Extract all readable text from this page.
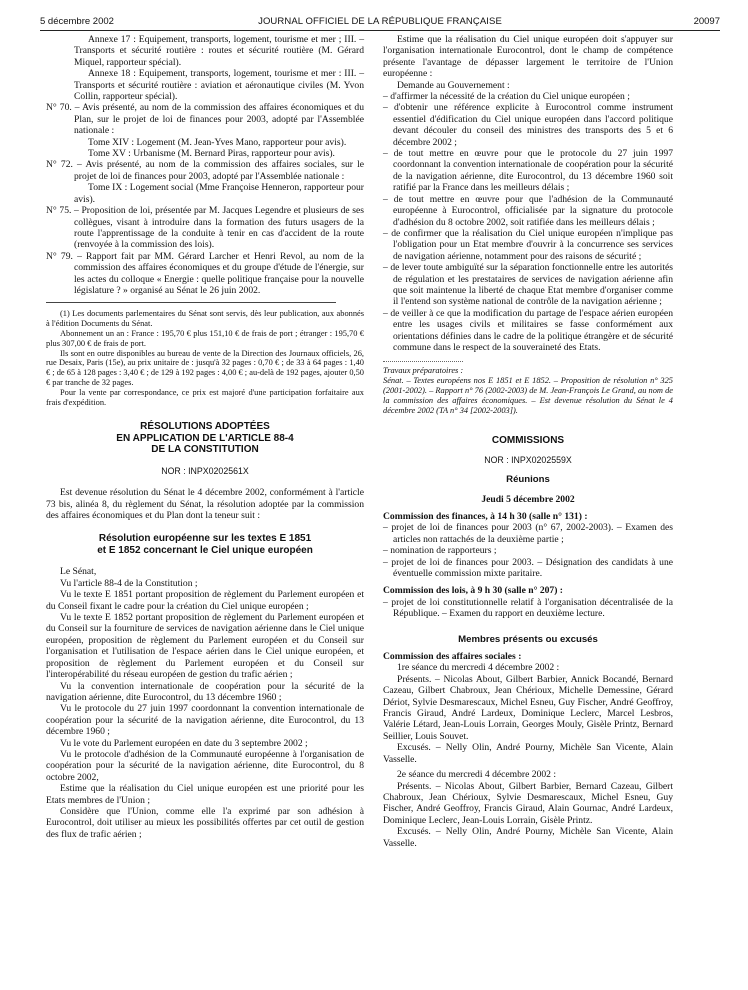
5 décembre 2002	JOURNAL OFFICIEL DE LA RÉPUBLIQUE FRANÇAISE	20097

Annexe 17 : Equipement, transports, logement, tourisme et mer ; III. – Transports et sécurité routière : routes et sécurité routière (M. Gérard Miquel, rapporteur spécial).

Annexe 18 : Equipement, transports, logement, tourisme et mer : III. – Transports et sécurité routière : aviation et aéronautique civiles (M. Yvon Collin, rapporteur spécial).

N° 70. – Avis présenté, au nom de la commission des affaires économiques et du Plan, sur le projet de loi de finances pour 2003, adopté par l'Assemblée nationale :

Tome XIV : Logement (M. Jean-Yves Mano, rapporteur pour avis).

Tome XV : Urbanisme (M. Bernard Piras, rapporteur pour avis).

N° 72. – Avis présenté, au nom de la commission des affaires sociales, sur le projet de loi de finances pour 2003, adopté par l'Assemblée nationale :

Tome IX : Logement social (Mme Françoise Henneron, rapporteur pour avis).

N° 75. – Proposition de loi, présentée par M. Jacques Legendre et plusieurs de ses collègues, visant à introduire dans la formation des futurs usagers de la route l'apprentissage de la conduite à tenir en cas d'accident de la route (renvoyée à la commission des lois).

N° 79. – Rapport fait par MM. Gérard Larcher et Henri Revol, au nom de la commission des affaires économiques et du groupe d'étude de l'énergie, sur les actes du colloque « Energie : quelle politique française pour la nouvelle législature ? » organisé au Sénat le 26 juin 2002.

(1) Les documents parlementaires du Sénat sont servis, dès leur publication, aux abonnés à l'édition Documents du Sénat.

Abonnement un an : France : 195,70 € plus 151,10 € de frais de port ; étranger : 195,70 € plus 307,00 € de frais de port.

Ils sont en outre disponibles au bureau de vente de la Direction des Journaux officiels, 26, rue Desaix, Paris (15e), au prix unitaire de : jusqu'à 32 pages : 0,70 € ; de 33 à 64 pages : 1,40 € ; de 65 à 128 pages : 3,40 € ; de 129 à 192 pages : 4,00 € ; au-delà de 192 pages, ajouter 0,50 € par tranche de 32 pages.

Pour la vente par correspondance, ce prix est majoré d'une participation forfaitaire aux frais d'expédition.

RÉSOLUTIONS ADOPTÉES
EN APPLICATION DE L'ARTICLE 88-4
DE LA CONSTITUTION
NOR : INPX0202561X

Est devenue résolution du Sénat le 4 décembre 2002, conformément à l'article 73 bis, alinéa 8, du règlement du Sénat, la résolution adoptée par la commission des affaires économiques et du Plan dont la teneur suit :

Résolution européenne sur les textes E 1851
et E 1852 concernant le Ciel unique européen

Le Sénat,

Vu l'article 88-4 de la Constitution ;

Vu le texte E 1851 portant proposition de règlement du Parlement européen et du Conseil fixant le cadre pour la création du Ciel unique européen ;

Vu le texte E 1852 portant proposition de règlement du Parlement européen et du Conseil sur la fourniture de services de navigation aérienne dans le Ciel unique européen, proposition de règlement du Parlement européen et du Conseil sur l'organisation et l'utilisation de l'espace aérien dans le Ciel unique européen, et proposition de règlement du Parlement européen et du Conseil sur l'interopérabilité du réseau européen de gestion du trafic aérien ;

Vu la convention internationale de coopération pour la sécurité de la navigation aérienne, dite Eurocontrol, du 13 décembre 1960 ;

Vu le protocole du 27 juin 1997 coordonnant la convention internationale de coopération pour la sécurité de la navigation aérienne, dite Eurocontrol, du 13 décembre 1960 ;

Vu le vote du Parlement européen en date du 3 septembre 2002 ;

Vu le protocole d'adhésion de la Communauté européenne à l'organisation de coopération pour la sécurité de la navigation aérienne, dite Eurocontrol, du 8 octobre 2002,

Estime que la réalisation du Ciel unique européen est une priorité pour les Etats membres de l'Union ;

Considère que l'Union, comme elle l'a exprimé par son adhésion à Eurocontrol, doit utiliser au mieux les possibilités offertes par cet outil de gestion des flux de trafic aérien ;

Estime que la réalisation du Ciel unique européen doit s'appuyer sur l'organisation internationale Eurocontrol, dont le champ de compétence présente l'avantage de dépasser largement le territoire de l'Union européenne :

Demande au Gouvernement :

– d'affirmer la nécessité de la création du Ciel unique européen ;

– d'obtenir une référence explicite à Eurocontrol comme instrument essentiel d'édification du Ciel unique européen dans l'accord politique devant découler du conseil des ministres des transports des 5 et 6 décembre 2002 ;

– de tout mettre en œuvre pour que le protocole du 27 juin 1997 coordonnant la convention internationale de coopération pour la sécurité de la navigation aérienne, dite Eurocontrol, du 13 décembre 1960 soit ratifié par la France dans les meilleurs délais ;

– de tout mettre en œuvre pour que l'adhésion de la Communauté européenne à Eurocontrol, officialisée par la signature du protocole d'adhésion du 8 octobre 2002, soit ratifiée dans les meilleurs délais ;

– de confirmer que la réalisation du Ciel unique européen n'implique pas l'obligation pour un Etat membre d'ouvrir à la concurrence ses services de navigation aérienne, notamment pour des raisons de sécurité ;

– de lever toute ambiguïté sur la séparation fonctionnelle entre les autorités de régulation et les prestataires de services de navigation aérienne afin que soit maintenue la liberté de chaque Etat membre d'organiser comme il l'entend son système national de contrôle de la navigation aérienne ;

– de veiller à ce que la modification du partage de l'espace aérien européen entre les usages civils et militaires se fasse conformément aux orientations définies dans le cadre de la politique étrangère et de sécurité commune dans le respect de la souveraineté des Etats.

Travaux préparatoires :

Sénat. – Textes européens nos E 1851 et E 1852. – Proposition de résolution n° 325 (2001-2002). – Rapport n° 76 (2002-2003) de M. Jean-François Le Grand, au nom de la commission des affaires économiques. – Est devenue résolution du Sénat le 4 décembre 2002 (TA n° 34 [2002-2003]).

COMMISSIONS
NOR : INPX0202559X
Réunions
Jeudi 5 décembre 2002

Commission des finances, à 14 h 30 (salle n° 131) :

– projet de loi de finances pour 2003 (n° 67, 2002-2003). – Examen des articles non rattachés de la deuxième partie ;

– nomination de rapporteurs ;

– projet de loi de finances pour 2003. – Désignation des candidats à une éventuelle commission mixte paritaire.

Commission des lois, à 9 h 30 (salle n° 207) :

– projet de loi constitutionnelle relatif à l'organisation décentralisée de la République. – Examen du rapport en deuxième lecture.

Membres présents ou excusés

Commission des affaires sociales :

1re séance du mercredi 4 décembre 2002 :

Présents. – Nicolas About, Gilbert Barbier, Annick Bocandé, Bernard Cazeau, Gilbert Chabroux, Jean Chérioux, Michelle Demessine, Gérard Dériot, Sylvie Desmarescaux, Michel Esneu, Guy Fischer, André Geoffroy, Francis Giraud, André Lardeux, Dominique Leclerc, Marcel Lesbros, Valérie Létard, Jean-Louis Lorrain, Georges Mouly, Gisèle Printz, Bernard Seillier, Louis Souvet.

Excusés. – Nelly Olin, André Pourny, Michèle San Vicente, Alain Vasselle.

2e séance du mercredi 4 décembre 2002 :

Présents. – Nicolas About, Gilbert Barbier, Bernard Cazeau, Gilbert Chabroux, Jean Chérioux, Sylvie Desmarescaux, Michel Esneu, Guy Fischer, André Geoffroy, Francis Giraud, Alain Gournac, André Lardeux, Dominique Leclerc, Jean-Louis Lorrain, Gisèle Printz.

Excusés. – Nelly Olin, André Pourny, Michèle San Vicente, Alain Vasselle.
